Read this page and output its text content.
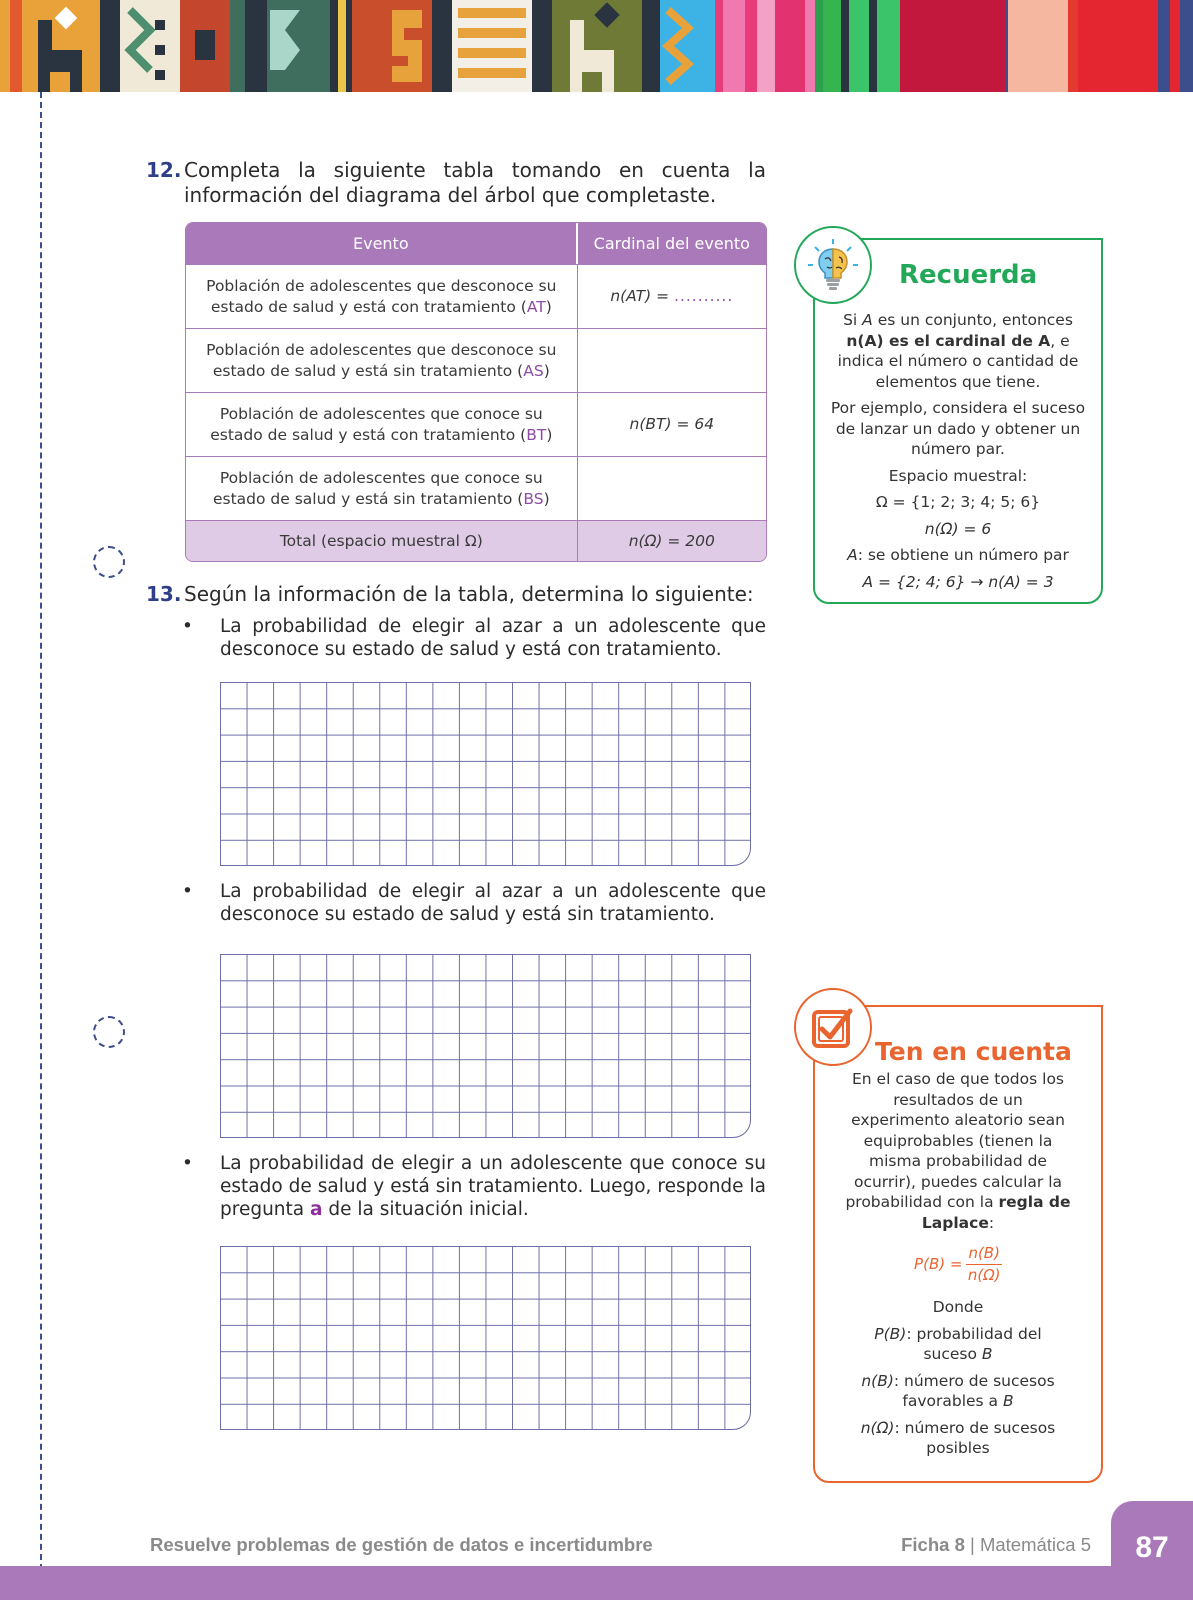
12. Completa la siguiente tabla tomando en cuenta la información del diagrama del árbol que completaste.
Evento	Cardinal del evento
Población de adolescentes que desconoce su estado de salud y está con tratamiento (AT)	n(AT) = ..........
Población de adolescentes que desconoce su estado de salud y está sin tratamiento (AS)	
Población de adolescentes que conoce su estado de salud y está con tratamiento (BT)	n(BT) = 64
Población de adolescentes que conoce su estado de salud y está sin tratamiento (BS)	
Total (espacio muestral Ω)	n(Ω) = 200
13. Según la información de la tabla, determina lo siguiente:
•	La probabilidad de elegir al azar a un adolescente que desconoce su estado de salud y está con tratamiento.
•	La probabilidad de elegir al azar a un adolescente que desconoce su estado de salud y está sin tratamiento.
•	La probabilidad de elegir a un adolescente que conoce su estado de salud y está sin tratamiento. Luego, responde la pregunta a de la situación inicial.
Recuerda

Si A es un conjunto, entonces
n(A) es el cardinal de A, e
indica el número o cantidad de elementos que tiene.

Por ejemplo, considera el suceso de lanzar un dado y obtener un número par.

Espacio muestral:

Ω = {1; 2; 3; 4; 5; 6}

n(Ω) = 6

A: se obtiene un número par

A = {2; 4; 6} → n(A) = 3

Ten en cuenta

En el caso de que todos los resultados de un experimento aleatorio sean equiprobables (tienen la misma probabilidad de ocurrir), puedes calcular la probabilidad con la regla de Laplace:

$P(B) = \frac{n(B)}{n(\Omega)}$

Donde

P(B): probabilidad del suceso B

n(B): número de sucesos favorables a B

n(Ω): número de sucesos posibles

Resuelve problemas de gestión de datos e incertidumbre	Ficha 8 | Matemática 5	87
